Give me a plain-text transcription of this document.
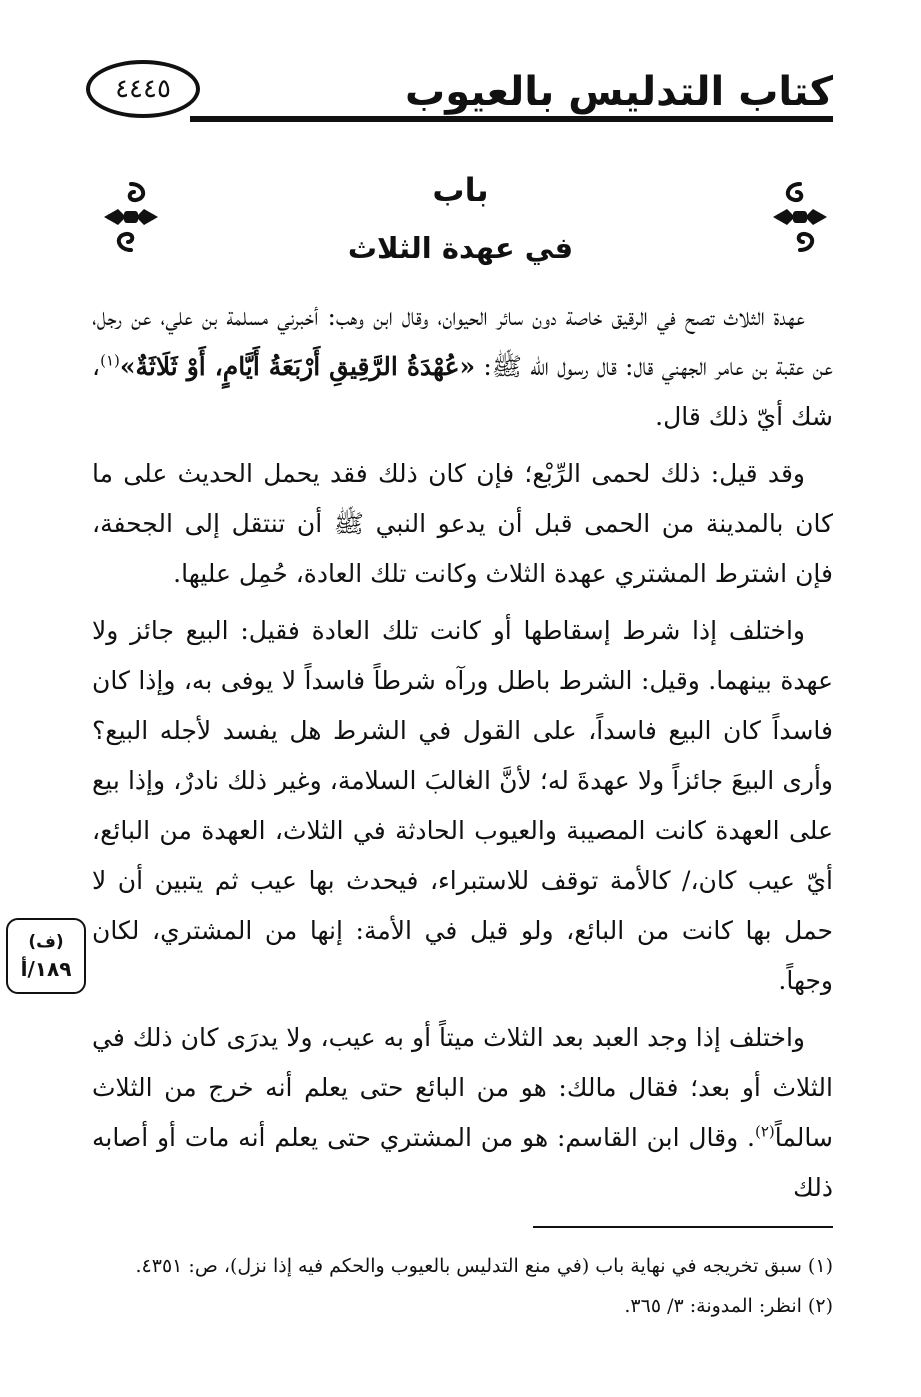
كتاب التدليس بالعيوب
٤٤٤٥
باب
في عهدة الثلاث

عهدة الثلاث تصح في الرقيق خاصة دون سائر الحيوان، وقال ابن وهب: أخبرني مسلمة بن علي، عن رجل، عن عقبة بن عامر الجهني قال: قال رسول الله ﷺ: «عُهْدَةُ الرَّقِيقِ أَرْبَعَةُ أَيَّامٍ، أَوْ ثَلَاثَةٌ»$^{(١)}$، شك أيّ ذلك قال.

وقد قيل: ذلك لحمى الرِّبْع؛ فإن كان ذلك فقد يحمل الحديث على ما كان بالمدينة من الحمى قبل أن يدعو النبي ﷺ أن تنتقل إلى الجحفة، فإن اشترط المشتري عهدة الثلاث وكانت تلك العادة، حُمِل عليها.

واختلف إذا شرط إسقاطها أو كانت تلك العادة فقيل: البيع جائز ولا عهدة بينهما. وقيل: الشرط باطل ورآه شرطاً فاسداً لا يوفى به، وإذا كان فاسداً كان البيع فاسداً، على القول في الشرط هل يفسد لأجله البيع؟ وأرى البيعَ جائزاً ولا عهدةَ له؛ لأنَّ الغالبَ السلامة، وغير ذلك نادرٌ، وإذا بيع على العهدة كانت المصيبة والعيوب الحادثة في الثلاث، العهدة من البائع، أيّ عيب كان،/ كالأمة توقف للاستبراء، فيحدث بها عيب ثم يتبين أن لا حمل بها كانت من البائع، ولو قيل في الأمة: إنها من المشتري، لكان وجهاً.

واختلف إذا وجد العبد بعد الثلاث ميتاً أو به عيب، ولا يدرَى كان ذلك في الثلاث أو بعد؛ فقال مالك: هو من البائع حتى يعلم أنه خرج من الثلاث سالماً$^{(٢)}$. وقال ابن القاسم: هو من المشتري حتى يعلم أنه مات أو أصابه ذلك

(ف)
١٨٩/أ
(١) سبق تخريجه في نهاية باب (في منع التدليس بالعيوب والحكم فيه إذا نزل)، ص: ٤٣٥١.
(٢) انظر: المدونة: ٣/ ٣٦٥.
